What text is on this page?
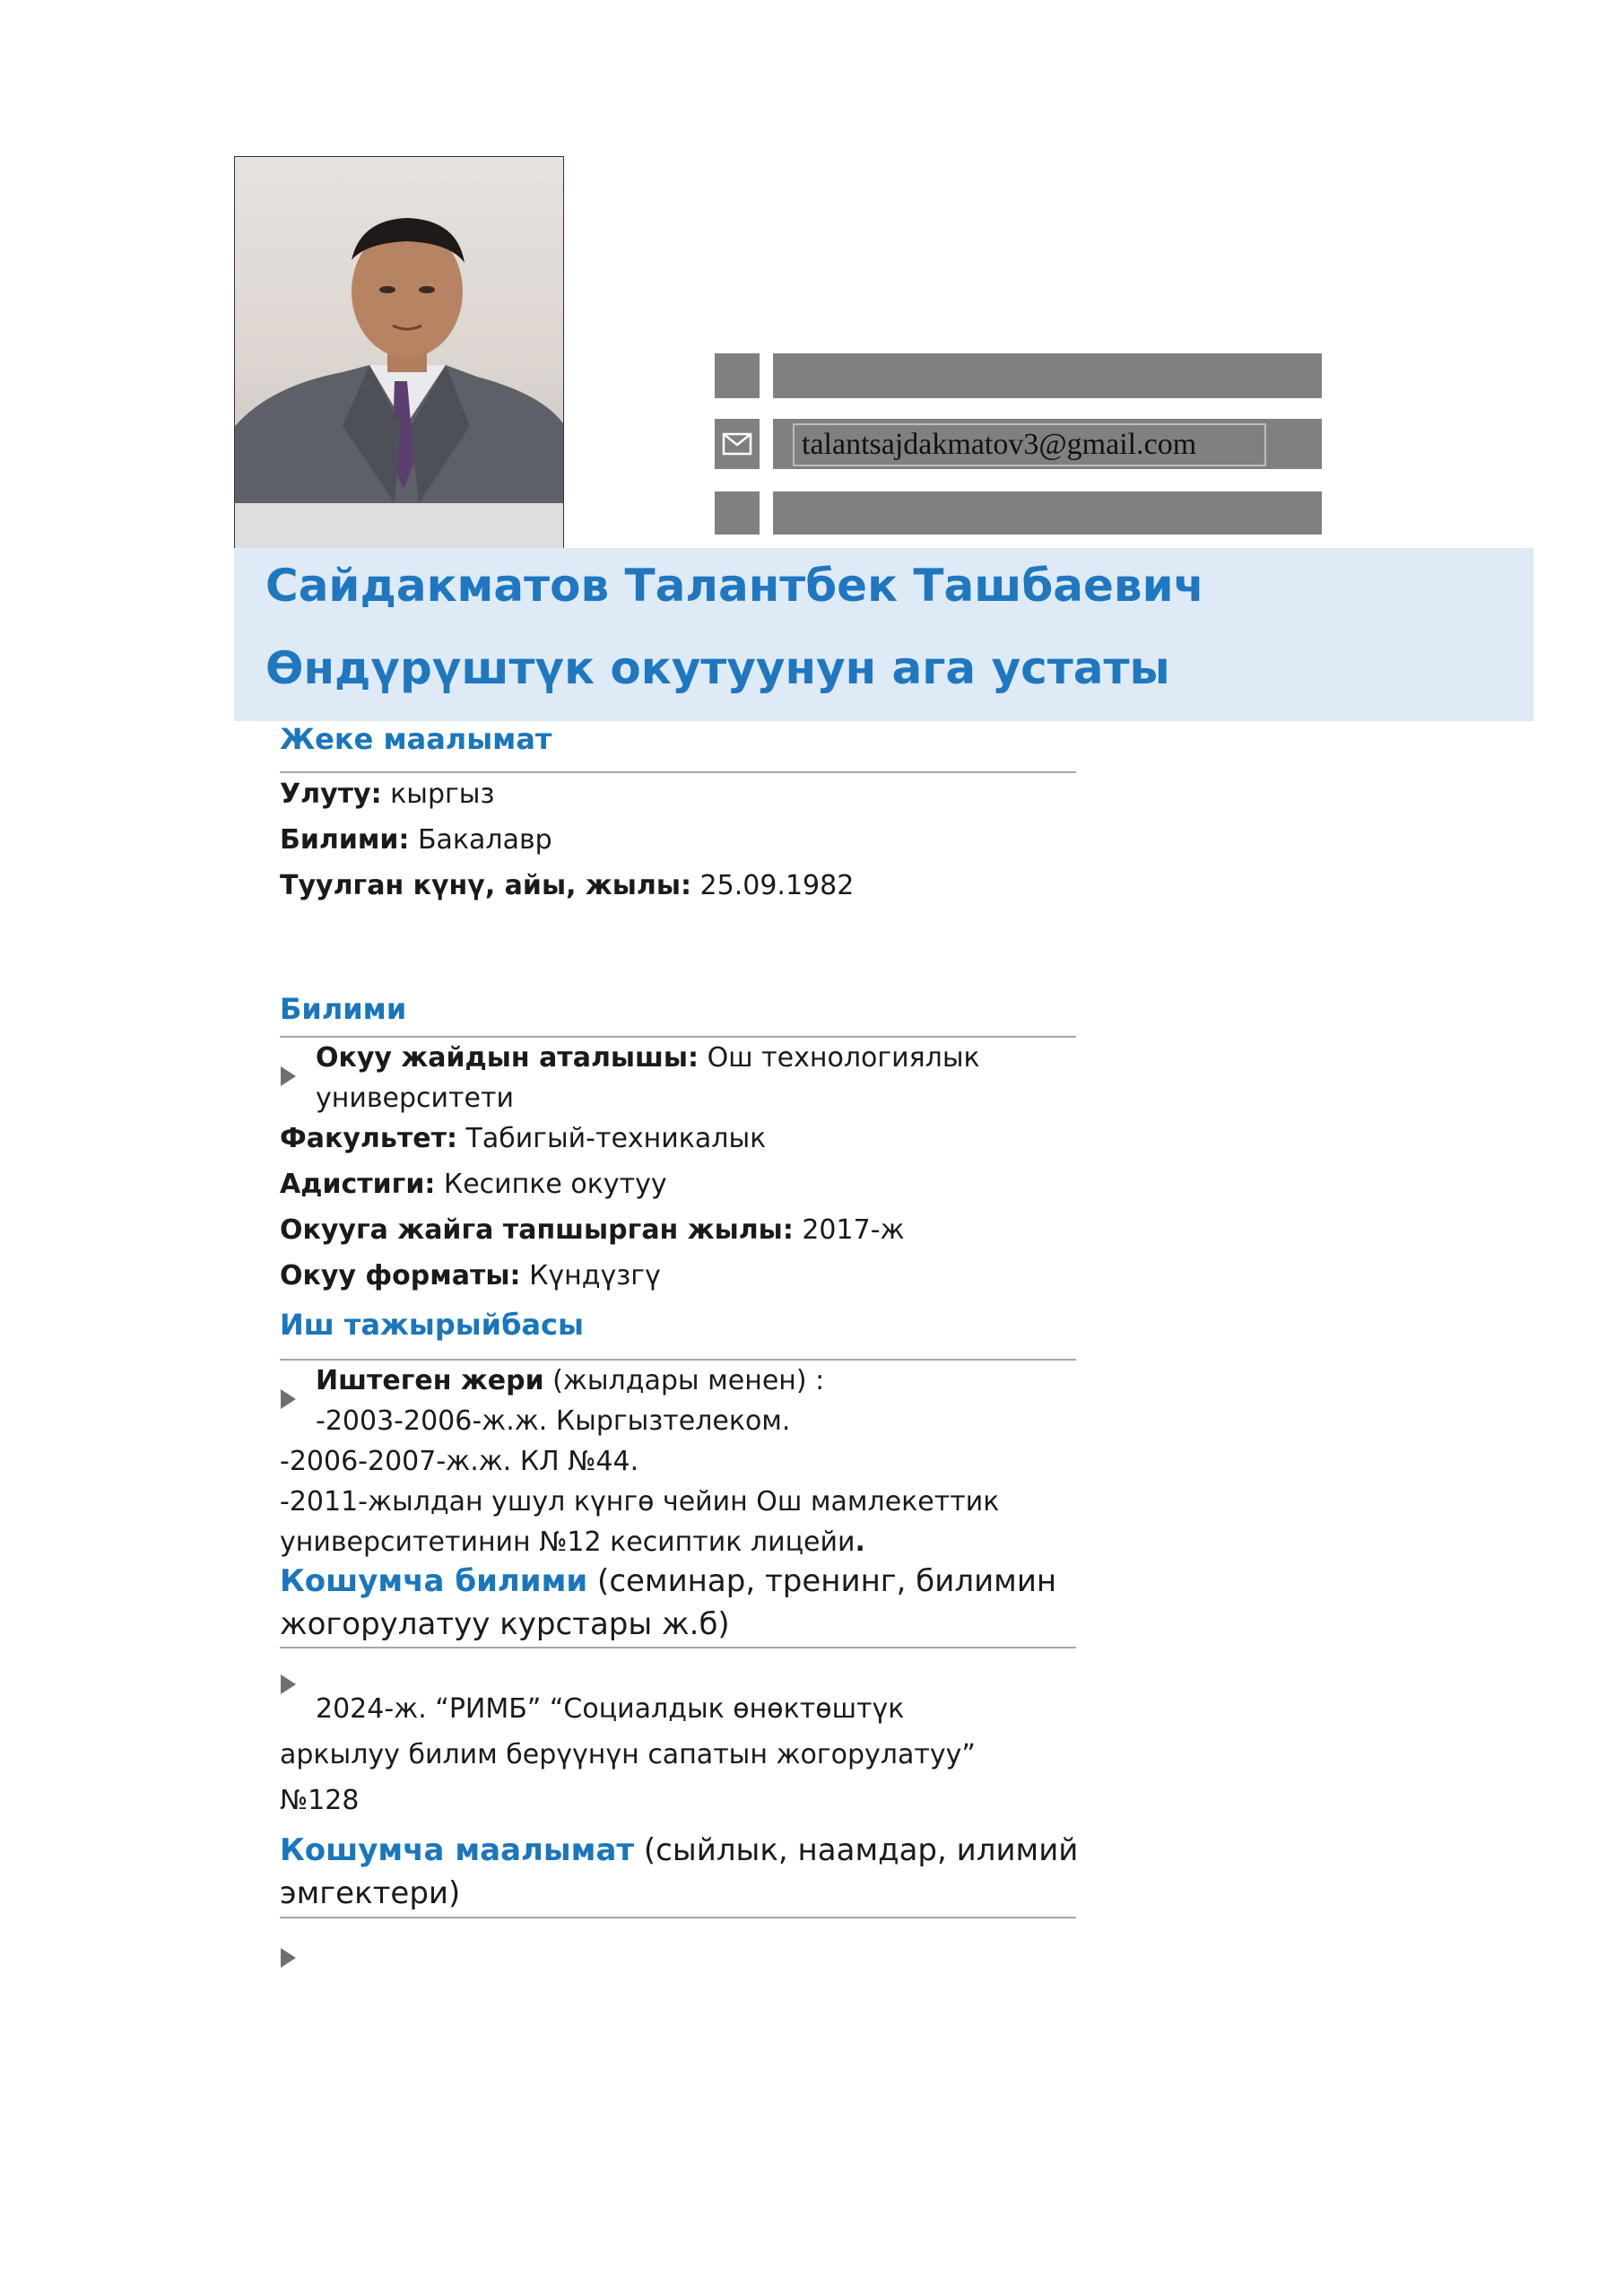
talantsajdakmatov3@gmail.com
Сайдакматов Талантбек Ташбаевич
Өндүрүштүк окутуунун ага устаты
Жеке маалымат
Улуту: кыргыз
Билими: Бакалавр
Туулган күнү, айы, жылы: 25.09.1982
Билими
Окуу жайдын аталышы: Ош технологиялык
университети
Факультет: Табигый-техникалык
Адистиги: Кесипке окутуу
Окууга жайга тапшырган жылы: 2017-ж
Окуу форматы: Күндүзгү
Иш тажырыйбасы
Иштеген жери (жылдары менен) :
-2003-2006-ж.ж. Кыргызтелеком.
-2006-2007-ж.ж. КЛ №44.
-2011-жылдан ушул күнгө чейин Ош мамлекеттик
университетинин №12 кесиптик лицейи.
Кошумча билими (семинар, тренинг, билимин
жогорулатуу курстары ж.б)
2024-ж. “РИМБ” “Социалдык өнөктөштүк
аркылуу билим берүүнүн сапатын жогорулатуу”
№128
Кошумча маалымат (сыйлык, наамдар, илимий
эмгектери)
